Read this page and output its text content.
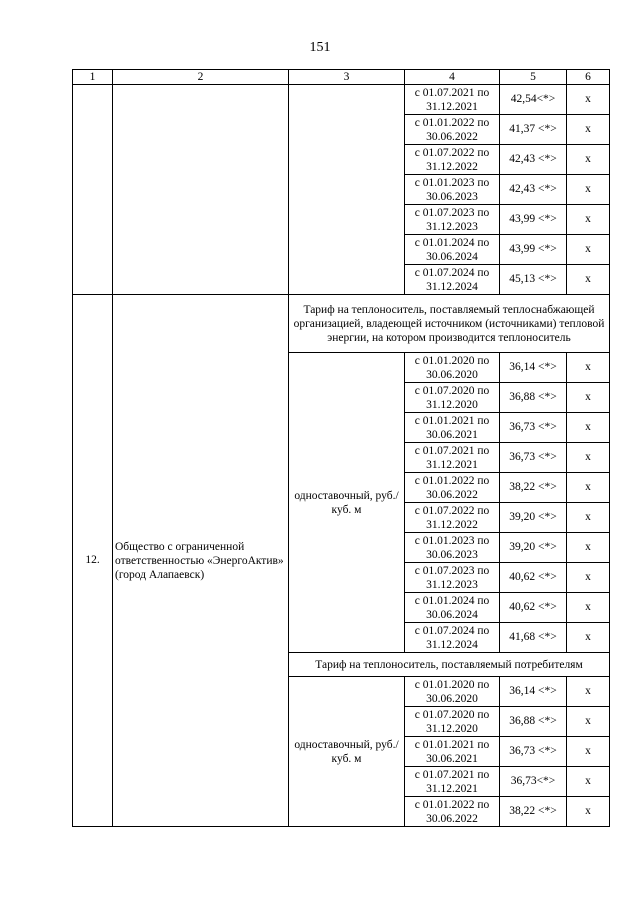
151
1	2	3	4	5	6
			с 01.07.2021 по 31.12.2021	42,54<*>	х
			с 01.01.2022 по 30.06.2022	41,37 <*>	х
			с 01.07.2022 по 31.12.2022	42,43 <*>	х
			с 01.01.2023 по 30.06.2023	42,43 <*>	х
			с 01.07.2023 по 31.12.2023	43,99 <*>	х
			с 01.01.2024 по 30.06.2024	43,99 <*>	х
			с 01.07.2024 по 31.12.2024	45,13 <*>	х
12.	Общество с ограниченной ответственностью «ЭнергоАктив» (город Алапаевск)	Тариф на теплоноситель, поставляемый теплоснабжающей организацией, владеющей источником (источниками) тепловой энергии, на котором производится теплоноситель			
		одноставочный, руб./куб. м	с 01.01.2020 по 30.06.2020	36,14 <*>	х
			с 01.07.2020 по 31.12.2020	36,88 <*>	х
			с 01.01.2021 по 30.06.2021	36,73 <*>	х
			с 01.07.2021 по 31.12.2021	36,73 <*>	х
			с 01.01.2022 по 30.06.2022	38,22 <*>	х
			с 01.07.2022 по 31.12.2022	39,20 <*>	х
			с 01.01.2023 по 30.06.2023	39,20 <*>	х
			с 01.07.2023 по 31.12.2023	40,62 <*>	х
			с 01.01.2024 по 30.06.2024	40,62 <*>	х
			с 01.07.2024 по 31.12.2024	41,68 <*>	х
		Тариф на теплоноситель, поставляемый потребителям			
		одноставочный, руб./куб. м	с 01.01.2020 по 30.06.2020	36,14 <*>	х
			с 01.07.2020 по 31.12.2020	36,88 <*>	х
			с 01.01.2021 по 30.06.2021	36,73 <*>	х
			с 01.07.2021 по 31.12.2021	36,73<*>	х
			с 01.01.2022 по 30.06.2022	38,22 <*>	х
